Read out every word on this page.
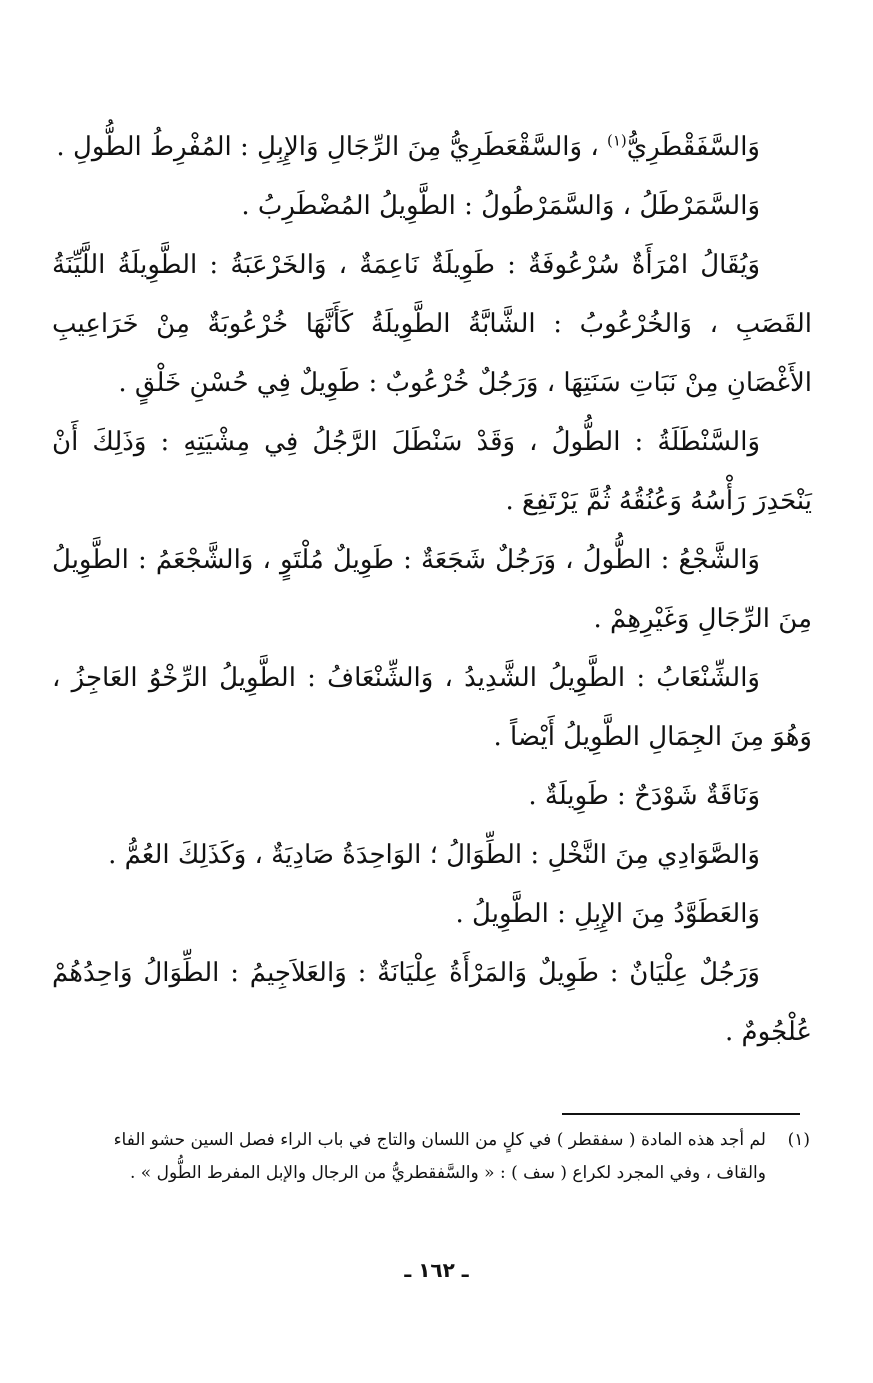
وَالسَّفَقْطَرِيُّ$^{(١)}$ ، وَالسَّقْعَطَرِيُّ مِنَ الرِّجَالِ وَالإِبِلِ : المُفْرِطُ الطُّولِ .

وَالسَّمَرْطَلُ ، وَالسَّمَرْطُولُ : الطَّوِيلُ المُضْطَرِبُ .

وَيُقَالُ امْرَأَةٌ سُرْعُوفَةٌ : طَوِيلَةٌ نَاعِمَةٌ ، وَالخَرْعَبَةُ : الطَّوِيلَةُ اللَّيِّنَةُ القَصَبِ ، وَالخُرْعُوبُ : الشَّابَّةُ الطَّوِيلَةُ كَأَنَّهَا خُرْعُوبَةٌ مِنْ خَرَاعِيبِ الأَغْصَانِ مِنْ نَبَاتِ سَنَتِهَا ، وَرَجُلٌ خُرْعُوبٌ : طَوِيلٌ فِي حُسْنِ خَلْقٍ .

وَالسَّنْطَلَةُ : الطُّولُ ، وَقَدْ سَنْطَلَ الرَّجُلُ فِي مِشْيَتِهِ : وَذَلِكَ أَنْ يَنْحَدِرَ رَأْسُهُ وَعُنُقُهُ ثُمَّ يَرْتَفِعَ .

وَالشَّجْعُ : الطُّولُ ، وَرَجُلٌ شَجَعَةٌ : طَوِيلٌ مُلْتَوٍ ، وَالشَّجْعَمُ : الطَّوِيلُ مِنَ الرِّجَالِ وَغَيْرِهِمْ .

وَالشِّنْعَابُ : الطَّوِيلُ الشَّدِيدُ ، وَالشِّنْعَافُ : الطَّوِيلُ الرِّخْوُ العَاجِزُ ، وَهُوَ مِنَ الجِمَالِ الطَّوِيلُ أَيْضاً .

وَنَاقَةٌ شَوْدَحٌ : طَوِيلَةٌ .

وَالصَّوَادِي مِنَ النَّخْلِ : الطِّوَالُ ؛ الوَاحِدَةُ صَادِيَةٌ ، وَكَذَلِكَ العُمُّ .

وَالعَطَوَّدُ مِنَ الإِبِلِ : الطَّوِيلُ .

وَرَجُلٌ عِلْيَانٌ : طَوِيلٌ وَالمَرْأَةُ عِلْيَانَةٌ : وَالعَلاَجِيمُ : الطِّوَالُ وَاحِدُهُمْ عُلْجُومٌ .

(١)لم أجد هذه المادة ( سفقطر ) في كلٍ من اللسان والتاج في باب الراء فصل السين حشو الفاء
والقاف ، وفي المجرد لكراع ( سف ) : « والسَّفقطريُّ من الرجال والإبل المفرط الطُّول » .
ـ ١٦٢ ـ
